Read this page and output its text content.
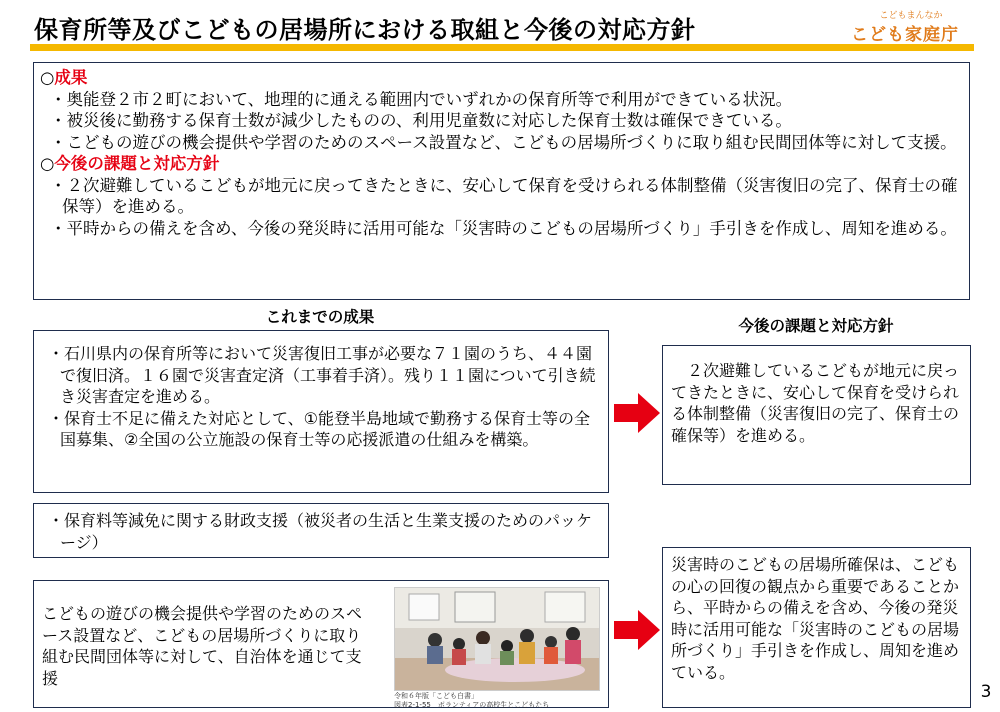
保育所等及びこどもの居場所における取組と今後の対応方針	こどもまんなか
こども家庭庁
○成果
・奥能登２市２町において、地理的に通える範囲内でいずれかの保育所等で利用ができている状況。
・被災後に勤務する保育士数が減少したものの、利用児童数に対応した保育士数は確保できている。
・こどもの遊びの機会提供や学習のためのスペース設置など、こどもの居場所づくりに取り組む民間団体等に対して支援。
○今後の課題と対応方針
・２次避難しているこどもが地元に戻ってきたときに、安心して保育を受けられる体制整備（災害復旧の完了、保育士の確保等）を進める。
・平時からの備えを含め、今後の発災時に活用可能な「災害時のこどもの居場所づくり」手引きを作成し、周知を進める。
これまでの成果	今後の課題と対応方針
・石川県内の保育所等において災害復旧工事が必要な７１園のうち、４４園で復旧済。１６園で災害査定済（工事着手済）。残り１１園について引き続き災害査定を進める。
・保育士不足に備えた対応として、①能登半島地域で勤務する保育士等の全国募集、②全国の公立施設の保育士等の応援派遣の仕組みを構築。
・保育料等減免に関する財政支援（被災者の生活と生業支援のためのパッケージ）
こどもの遊びの機会提供や学習のためのスペース設置など、こどもの居場所づくりに取り組む民間団体等に対して、自治体を通じて支援
令和６年版「こども白書」
図表2-1-55　ボランティアの高校生とこどもたち
２次避難しているこどもが地元に戻ってきたときに、安心して保育を受けられる体制整備（災害復旧の完了、保育士の確保等）を進める。
災害時のこどもの居場所確保は、こどもの心の回復の観点から重要であることから、平時からの備えを含め、今後の発災時に活用可能な「災害時のこどもの居場所づくり」手引きを作成し、周知を進めている。
3
